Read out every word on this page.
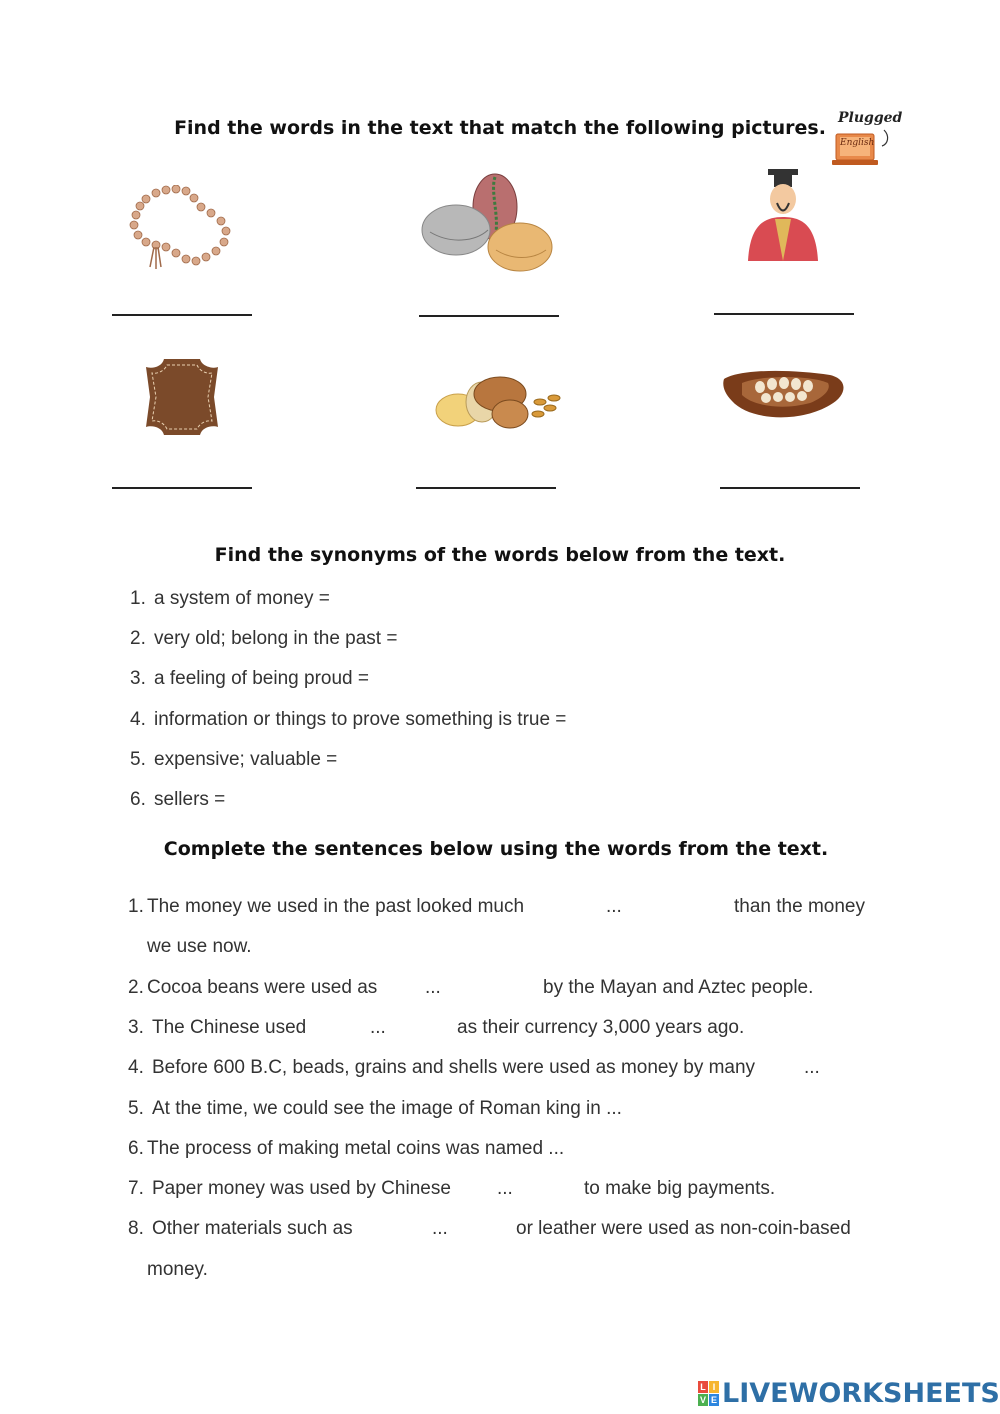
Find the words in the text that match the following pictures. Plugged
English
Find the synonyms of the words below from the text.
1. a system of money =
2. very old; belong in the past =
3. a feeling of being proud =
4. information or things to prove something is true =
5. expensive; valuable =
6. sellers =
Complete the sentences below using the words from the text.
1. The money we used in the past looked much	...	than the money
we use now.
2. Cocoa beans were used as	...	by the Mayan and Aztec people.
3. The Chinese used	...	as their currency 3,000 years ago.
4. Before 600 B.C, beads, grains and shells were used as money by many	...
5. At the time, we could see the image of Roman king in ...
6. The process of making metal coins was named ...
7. Paper money was used by Chinese ...	to make big payments.
8. Other materials such as	...	or leather were used as non-coin-based
money.
L I
V E LIVEWORKSHEETS
